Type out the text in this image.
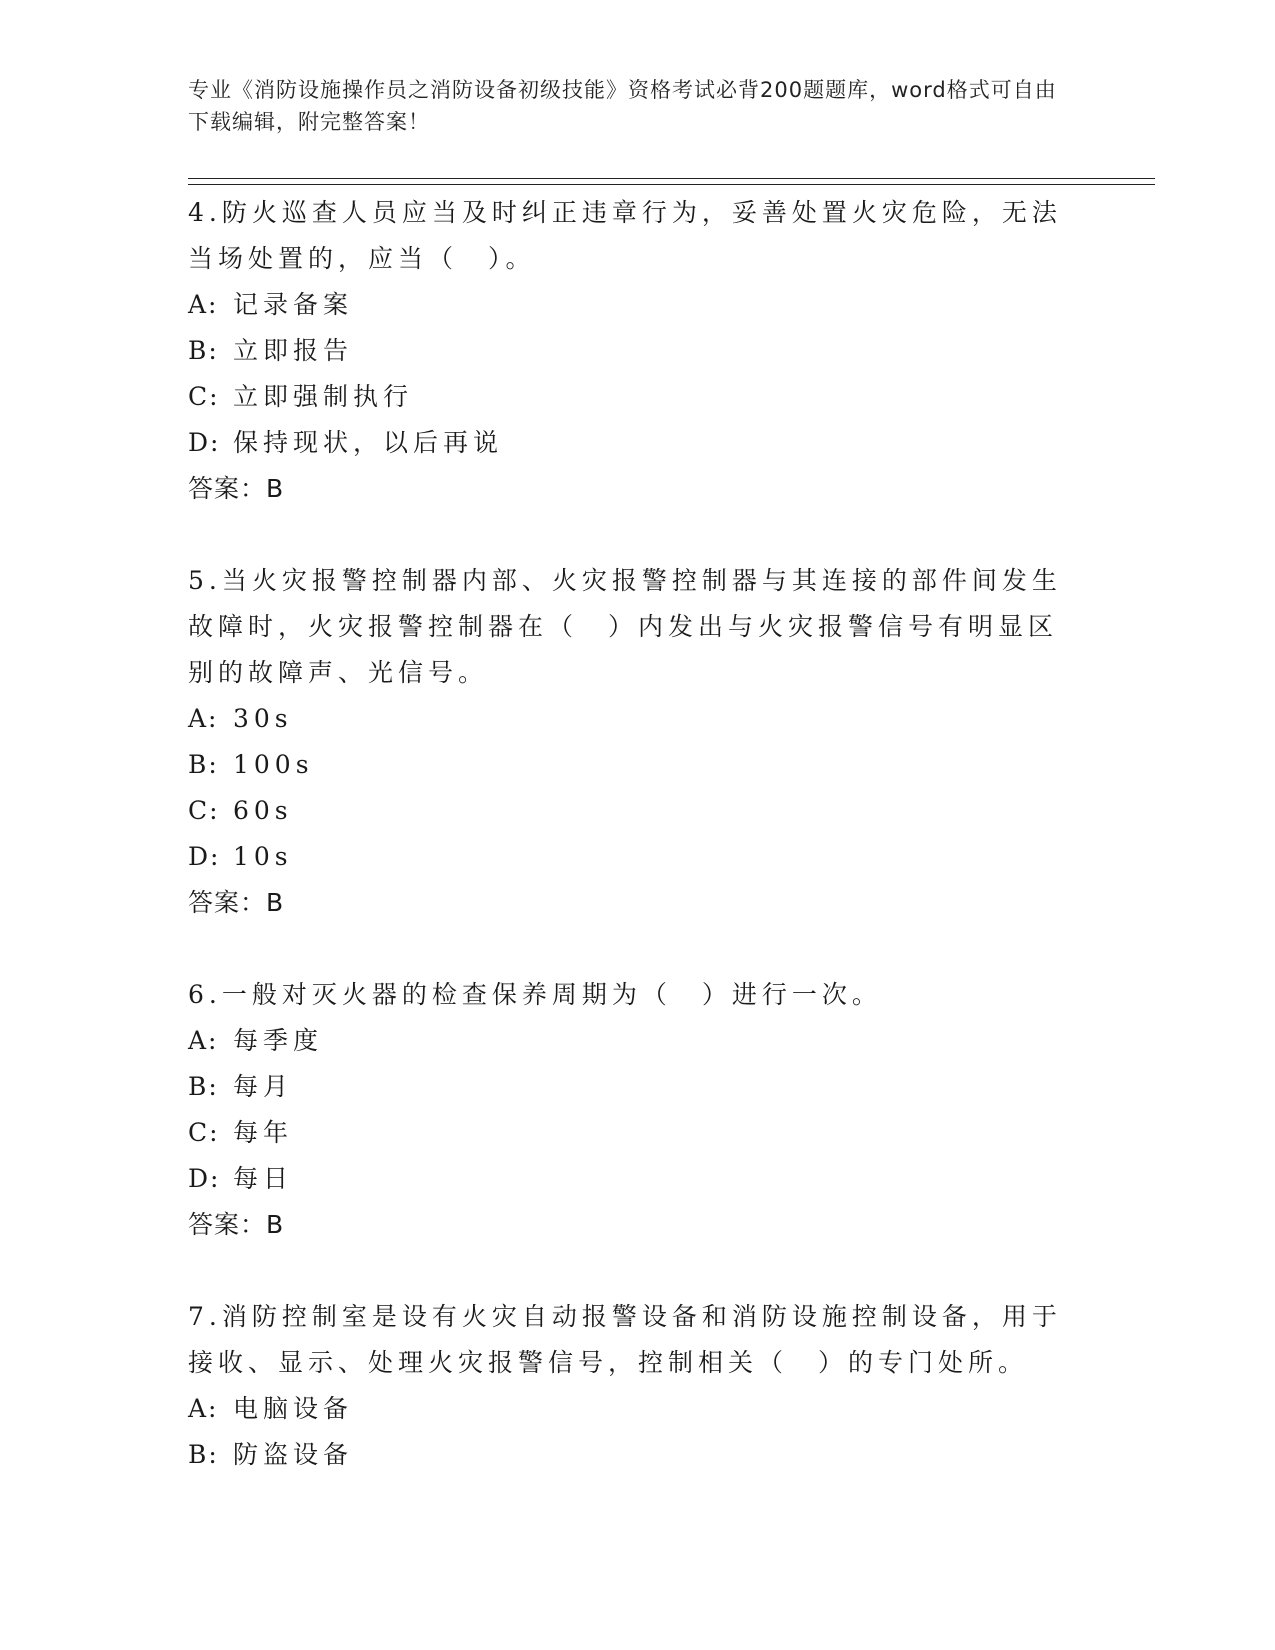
专业《消防设施操作员之消防设备初级技能》资格考试必背200题题库，word格式可自由下载编辑，附完整答案！

4.防火巡查人员应当及时纠正违章行为，妥善处置火灾危险，无法当场处置的，应当（　）。

A: 记录备案
B: 立即报告
C: 立即强制执行
D: 保持现状，以后再说
答案：B

5.当火灾报警控制器内部、火灾报警控制器与其连接的部件间发生故障时，火灾报警控制器在（　）内发出与火灾报警信号有明显区别的故障声、光信号。

A: 30s
B: 100s
C: 60s
D: 10s
答案：B

6.一般对灭火器的检查保养周期为（　）进行一次。

A: 每季度
B: 每月
C: 每年
D: 每日
答案：B

7.消防控制室是设有火灾自动报警设备和消防设施控制设备，用于接收、显示、处理火灾报警信号，控制相关（　）的专门处所。

A: 电脑设备
B: 防盗设备
